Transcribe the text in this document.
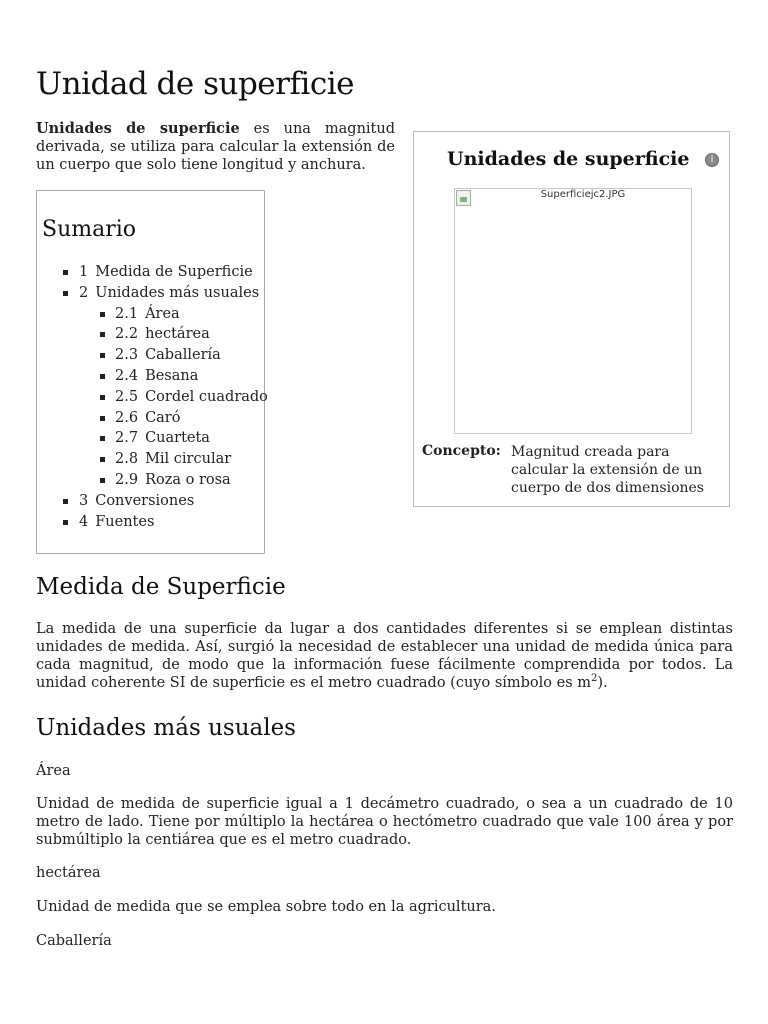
Unidad de superficie

Unidades de superficie es una magnitud derivada, se utiliza para calcular la extensión de un cuerpo que solo tiene longitud y anchura.	Unidades de superficie	i
Superficiejc2.JPG
Concepto: Magnitud creada para calcular la extensión de un cuerpo de dos dimensiones
Sumario
1 Medida de Superficie
2 Unidades más usuales
2.1 Área
2.2 hectárea
2.3 Caballería
2.4 Besana
2.5 Cordel cuadrado
2.6 Caró
2.7 Cuarteta
2.8 Mil circular
2.9 Roza o rosa
3 Conversiones
4 Fuentes
Medida de Superficie

La medida de una superficie da lugar a dos cantidades diferentes si se emplean distintas unidades de medida. Así, surgió la necesidad de establecer una unidad de medida única para cada magnitud, de modo que la información fuese fácilmente comprendida por todos. La unidad coherente SI de superficie es el metro cuadrado (cuyo símbolo es $m^2$).

Unidades más usuales

Área

Unidad de medida de superficie igual a 1 decámetro cuadrado, o sea a un cuadrado de 10 metro de lado. Tiene por múltiplo la hectárea o hectómetro cuadrado que vale 100 área y por submúltiplo la centiárea que es el metro cuadrado.

hectárea

Unidad de medida que se emplea sobre todo en la agricultura.

Caballería
